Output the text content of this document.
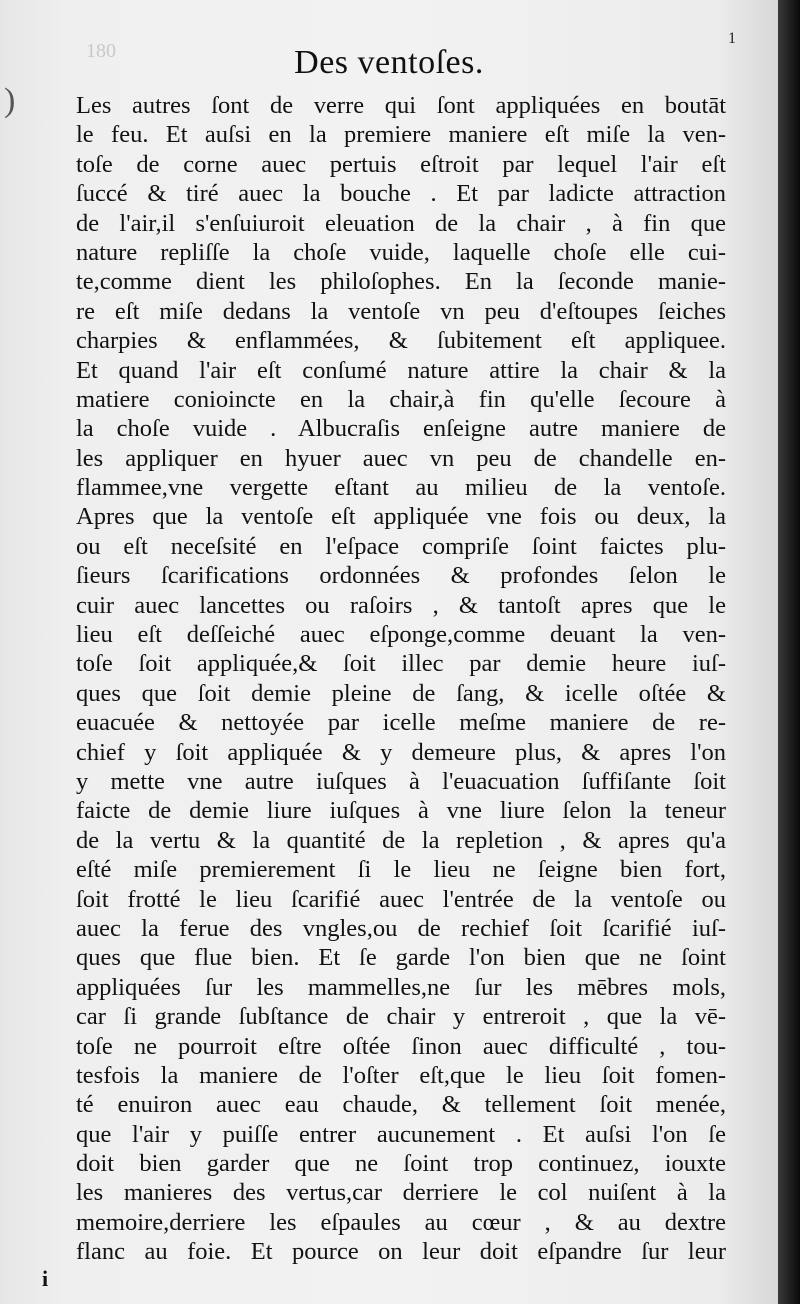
180
1
)
Des ventoſes.
Les autres ſont de verre qui ſont appliquées en boutāt
le feu. Et auſsi en la premiere maniere eſt miſe la ven-
toſe de corne auec pertuis eſtroit par lequel l'air eſt
ſuccé & tiré auec la bouche . Et par ladicte attraction
de l'air,il s'enſuiuroit eleuation de la chair , à fin que
nature repliſſe la choſe vuide, laquelle choſe elle cui-
te,comme dient les philoſophes. En la ſeconde manie-
re eſt miſe dedans la ventoſe vn peu d'eſtoupes ſeiches
charpies & enflammées, & ſubitement eſt appliquee.
Et quand l'air eſt conſumé nature attire la chair & la
matiere conioincte en la chair,à fin qu'elle ſecoure à
la choſe vuide . Albucraſis enſeigne autre maniere de
les appliquer en hyuer auec vn peu de chandelle en-
flammee,vne vergette eſtant au milieu de la ventoſe.
Apres que la ventoſe eſt appliquée vne fois ou deux, la
ou eſt neceſsité en l'eſpace compriſe ſoint faictes plu-
ſieurs ſcarifications ordonnées & profondes ſelon le
cuir auec lancettes ou raſoirs , & tantoſt apres que le
lieu eſt deſſeiché auec eſponge,comme deuant la ven-
toſe ſoit appliquée,& ſoit illec par demie heure iuſ-
ques que ſoit demie pleine de ſang, & icelle oſtée &
euacuée & nettoyée par icelle meſme maniere de re-
chief y ſoit appliquée & y demeure plus, & apres l'on
y mette vne autre iuſques à l'euacuation ſuffiſante ſoit
faicte de demie liure iuſques à vne liure ſelon la teneur
de la vertu & la quantité de la repletion , & apres qu'a
eſté miſe premierement ſi le lieu ne ſeigne bien fort,
ſoit frotté le lieu ſcarifié auec l'entrée de la ventoſe ou
auec la ferue des vngles,ou de rechief ſoit ſcarifié iuſ-
ques que flue bien. Et ſe garde l'on bien que ne ſoint
appliquées ſur les mammelles,ne ſur les mēbres mols,
car ſi grande ſubſtance de chair y entreroit , que la vē-
toſe ne pourroit eſtre oſtée ſinon auec difficulté , tou-
tesfois la maniere de l'oſter eſt,que le lieu ſoit fomen-
té enuiron auec eau chaude, & tellement ſoit menée,
que l'air y puiſſe entrer aucunement . Et auſsi l'on ſe
doit bien garder que ne ſoint trop continuez, iouxte
les manieres des vertus,car derriere le col nuiſent à la
memoire,derriere les eſpaules au cœur , & au dextre
flanc au foie. Et pource on leur doit eſpandre ſur leur
i
